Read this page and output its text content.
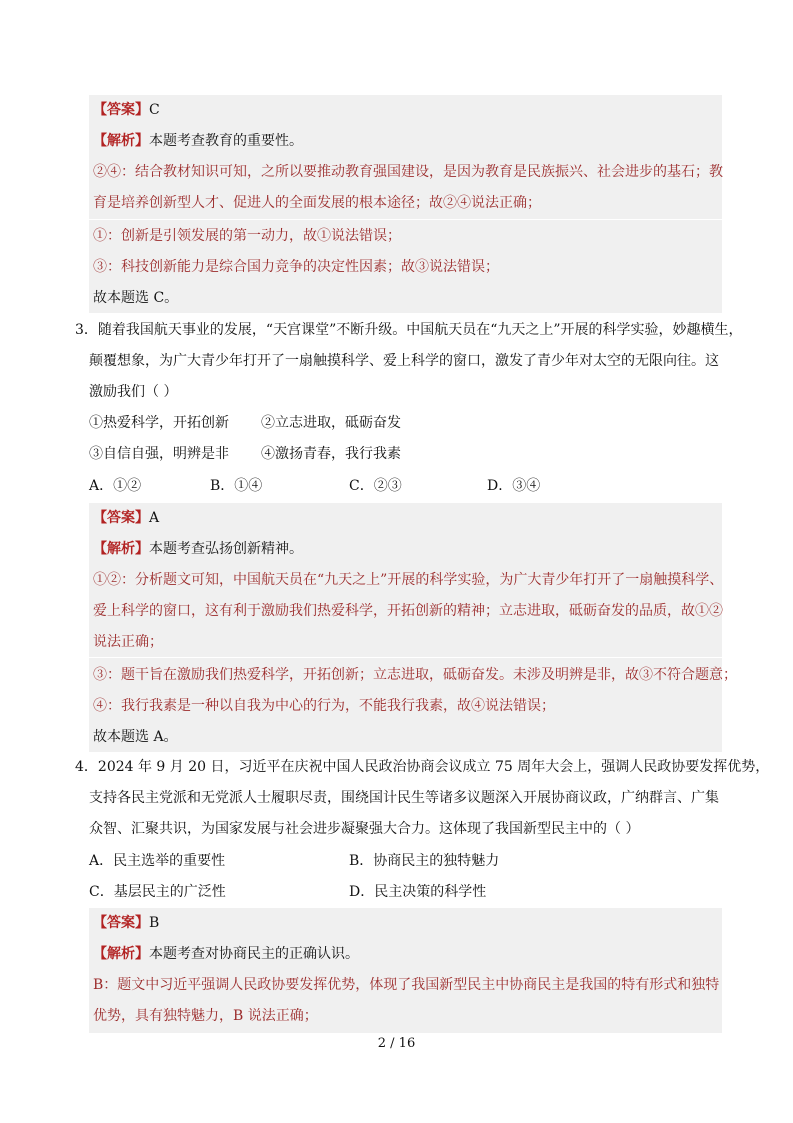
【答案】C
【解析】本题考查教育的重要性。
②④：结合教材知识可知，之所以要推动教育强国建设，是因为教育是民族振兴、社会进步的基石；教
育是培养创新型人才、促进人的全面发展的根本途径；故②④说法正确；
①：创新是引领发展的第一动力，故①说法错误；
③：科技创新能力是综合国力竞争的决定性因素；故③说法错误；
故本题选 C。
3．随着我国航天事业的发展，“天宫课堂”不断升级。中国航天员在“九天之上”开展的科学实验，妙趣横生，
颠覆想象，为广大青少年打开了一扇触摸科学、爱上科学的窗口，激发了青少年对太空的无限向往。这
激励我们（ ）
①热爱科学，开拓创新 ②立志进取，砥砺奋发
③自信自强，明辨是非 ④激扬青春，我行我素
A．①②	B．①④	C．②③	D．③④
【答案】A
【解析】本题考查弘扬创新精神。
①②：分析题文可知，中国航天员在“九天之上”开展的科学实验，为广大青少年打开了一扇触摸科学、
爱上科学的窗口，这有利于激励我们热爱科学，开拓创新的精神；立志进取，砥砺奋发的品质，故①②
说法正确；
③：题干旨在激励我们热爱科学，开拓创新；立志进取，砥砺奋发。未涉及明辨是非，故③不符合题意；
④：我行我素是一种以自我为中心的行为，不能我行我素，故④说法错误；
故本题选 A。
4．2024 年 9 月 20 日，习近平在庆祝中国人民政治协商会议成立 75 周年大会上，强调人民政协要发挥优势，
支持各民主党派和无党派人士履职尽责，围绕国计民生等诸多议题深入开展协商议政，广纳群言、广集
众智、汇聚共识，为国家发展与社会进步凝聚强大合力。这体现了我国新型民主中的（ ）
A．民主选举的重要性	B．协商民主的独特魅力
C．基层民主的广泛性	D．民主决策的科学性
【答案】B
【解析】本题考查对协商民主的正确认识。
B：题文中习近平强调人民政协要发挥优势，体现了我国新型民主中协商民主是我国的特有形式和独特
优势，具有独特魅力，B 说法正确；
2 / 16
